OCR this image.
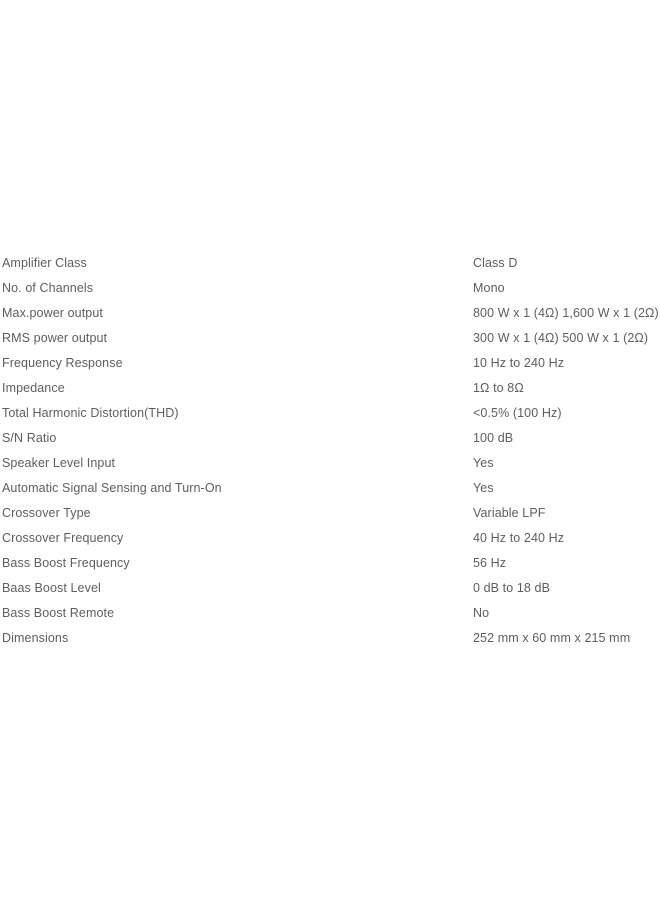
Amplifier Class	Class D
No. of Channels	Mono
Max.power output	800 W x 1 (4Ω) 1,600 W x 1 (2Ω)
RMS power output	300 W x 1 (4Ω) 500 W x 1 (2Ω)
Frequency Response	10 Hz to 240 Hz
Impedance	1Ω to 8Ω
Total Harmonic Distortion(THD)	<0.5% (100 Hz)
S/N Ratio	100 dB
Speaker Level Input	Yes
Automatic Signal Sensing and Turn-On	Yes
Crossover Type	Variable LPF
Crossover Frequency	40 Hz to 240 Hz
Bass Boost Frequency	56 Hz
Baas Boost Level	0 dB to 18 dB
Bass Boost Remote	No
Dimensions	252 mm x 60 mm x 215 mm
